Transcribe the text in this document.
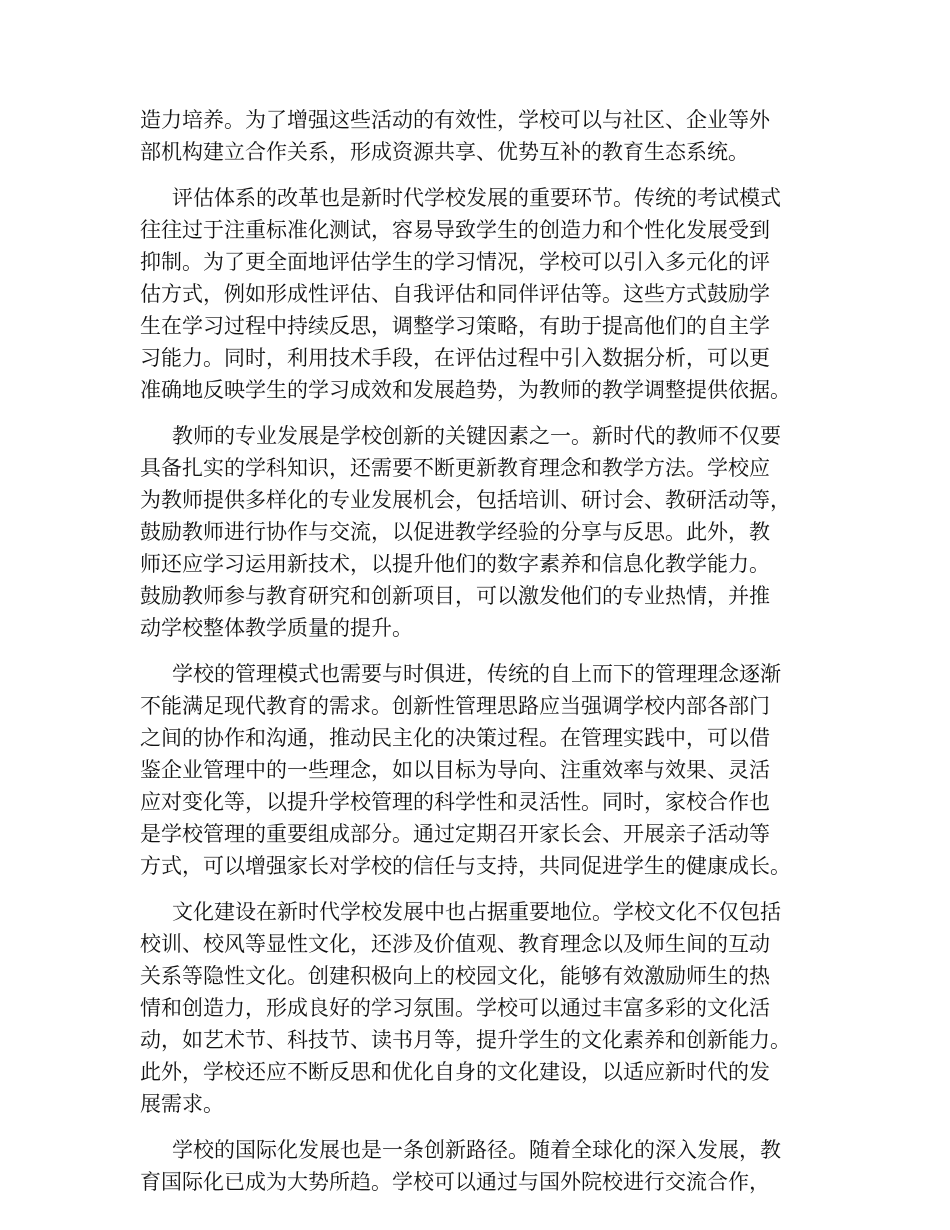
造力培养。为了增强这些活动的有效性，学校可以与社区、企业等外
部机构建立合作关系，形成资源共享、优势互补的教育生态系统。

评估体系的改革也是新时代学校发展的重要环节。传统的考试模式
往往过于注重标准化测试，容易导致学生的创造力和个性化发展受到
抑制。为了更全面地评估学生的学习情况，学校可以引入多元化的评
估方式，例如形成性评估、自我评估和同伴评估等。这些方式鼓励学
生在学习过程中持续反思，调整学习策略，有助于提高他们的自主学
习能力。同时，利用技术手段，在评估过程中引入数据分析，可以更
准确地反映学生的学习成效和发展趋势，为教师的教学调整提供依据。

教师的专业发展是学校创新的关键因素之一。新时代的教师不仅要
具备扎实的学科知识，还需要不断更新教育理念和教学方法。学校应
为教师提供多样化的专业发展机会，包括培训、研讨会、教研活动等，
鼓励教师进行协作与交流，以促进教学经验的分享与反思。此外，教
师还应学习运用新技术，以提升他们的数字素养和信息化教学能力。
鼓励教师参与教育研究和创新项目，可以激发他们的专业热情，并推
动学校整体教学质量的提升。

学校的管理模式也需要与时俱进，传统的自上而下的管理理念逐渐
不能满足现代教育的需求。创新性管理思路应当强调学校内部各部门
之间的协作和沟通，推动民主化的决策过程。在管理实践中，可以借
鉴企业管理中的一些理念，如以目标为导向、注重效率与效果、灵活
应对变化等，以提升学校管理的科学性和灵活性。同时，家校合作也
是学校管理的重要组成部分。通过定期召开家长会、开展亲子活动等
方式，可以增强家长对学校的信任与支持，共同促进学生的健康成长。

文化建设在新时代学校发展中也占据重要地位。学校文化不仅包括
校训、校风等显性文化，还涉及价值观、教育理念以及师生间的互动
关系等隐性文化。创建积极向上的校园文化，能够有效激励师生的热
情和创造力，形成良好的学习氛围。学校可以通过丰富多彩的文化活
动，如艺术节、科技节、读书月等，提升学生的文化素养和创新能力。
此外，学校还应不断反思和优化自身的文化建设，以适应新时代的发
展需求。

学校的国际化发展也是一条创新路径。随着全球化的深入发展，教
育国际化已成为大势所趋。学校可以通过与国外院校进行交流合作，
